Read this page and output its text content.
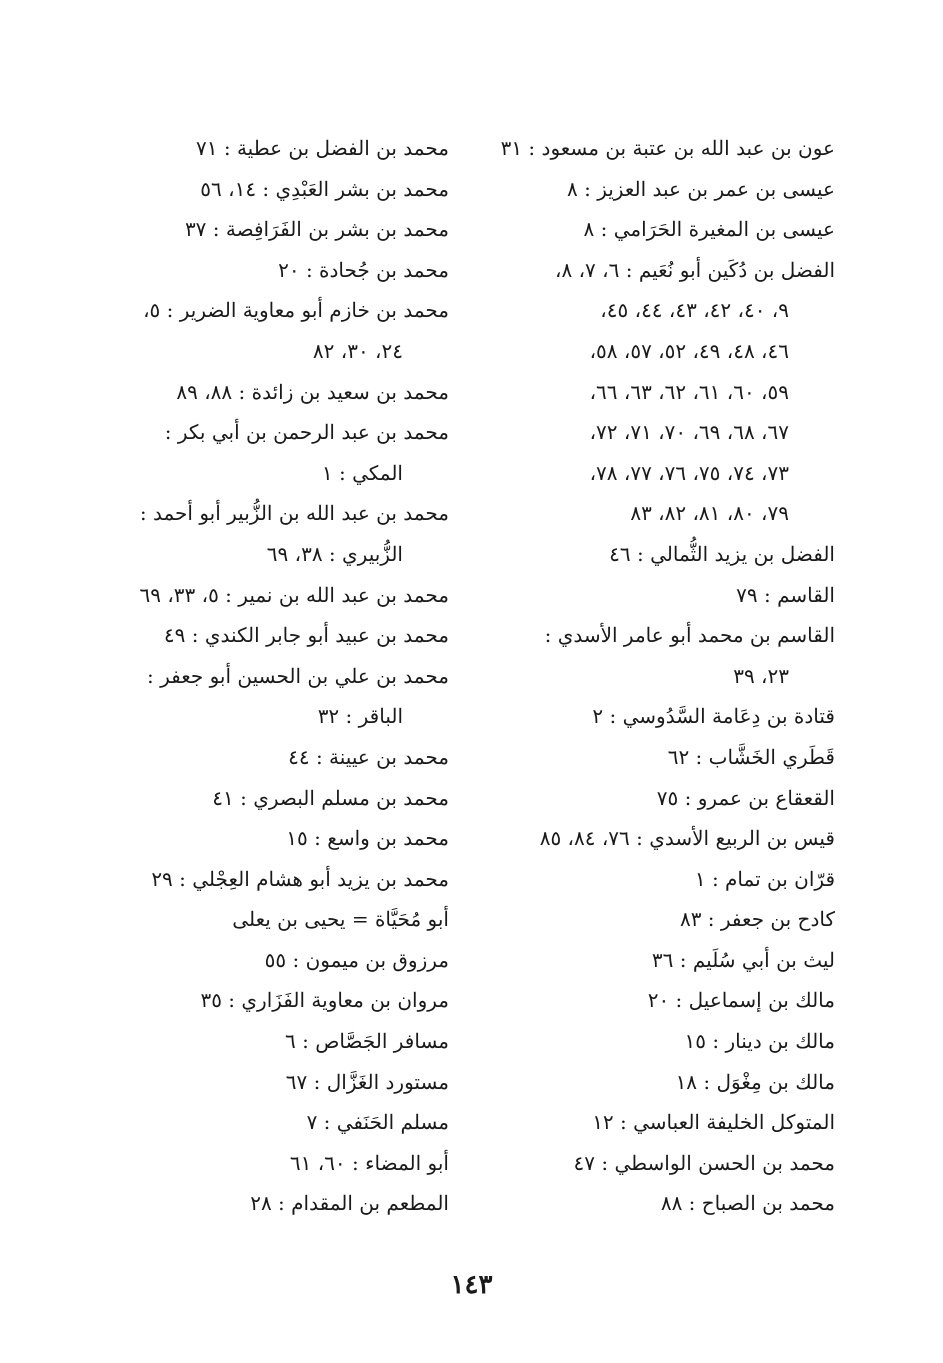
عون بن عبد الله بن عتبة بن مسعود : ٣١
عيسى بن عمر بن عبد العزيز : ٨
عيسى بن المغيرة الحَرَامي : ٨
الفضل بن دُكَين أبو نُعَيم : ٦، ٧، ٨،
٩، ٤٠، ٤٢، ٤٣، ٤٤، ٤٥،
٤٦، ٤٨، ٤٩، ٥٢، ٥٧، ٥٨،
٥٩، ٦٠، ٦١، ٦٢، ٦٣، ٦٦،
٦٧، ٦٨، ٦٩، ٧٠، ٧١، ٧٢،
٧٣، ٧٤، ٧٥، ٧٦، ٧٧، ٧٨،
٧٩، ٨٠، ٨١، ٨٢، ٨٣
الفضل بن يزيد الثُّمالي : ٤٦
القاسم : ٧٩
القاسم بن محمد أبو عامر الأسدي :
٢٣، ٣٩
قتادة بن دِعَامة السَّدُوسي : ٢
قَطَري الخَشَّاب : ٦٢
القعقاع بن عمرو : ٧٥
قيس بن الربيع الأسدي : ٧٦، ٨٤، ٨٥
قرّان بن تمام : ١
كادح بن جعفر : ٨٣
ليث بن أبي سُلَيم : ٣٦
مالك بن إسماعيل : ٢٠
مالك بن دينار : ١٥
مالك بن مِغْوَل : ١٨
المتوكل الخليفة العباسي : ١٢
محمد بن الحسن الواسطي : ٤٧
محمد بن الصباح : ٨٨
محمد بن الفضل بن عطية : ٧١
محمد بن بشر العَبْدِي : ١٤، ٥٦
محمد بن بشر بن الفَرَافِصة : ٣٧
محمد بن جُحادة : ٢٠
محمد بن خازم أبو معاوية الضرير : ٥،
٢٤، ٣٠، ٨٢
محمد بن سعيد بن زائدة : ٨٨، ٨٩
محمد بن عبد الرحمن بن أبي بكر :
المكي : ١
محمد بن عبد الله بن الزُّبير أبو أحمد :
الزُّبيري : ٣٨، ٦٩
محمد بن عبد الله بن نمير : ٥، ٣٣، ٦٩
محمد بن عبيد أبو جابر الكندي : ٤٩
محمد بن علي بن الحسين أبو جعفر :
الباقر : ٣٢
محمد بن عيينة : ٤٤
محمد بن مسلم البصري : ٤١
محمد بن واسع : ١٥
محمد بن يزيد أبو هشام العِجْلي : ٢٩
أبو مُحَيَّاة = يحيى بن يعلى
مرزوق بن ميمون : ٥٥
مروان بن معاوية الفَزَاري : ٣٥
مسافر الجَصَّاص : ٦
مستورد الغَزَّال : ٦٧
مسلم الحَنَفي : ٧
أبو المضاء : ٦٠، ٦١
المطعم بن المقدام : ٢٨
١٤٣
